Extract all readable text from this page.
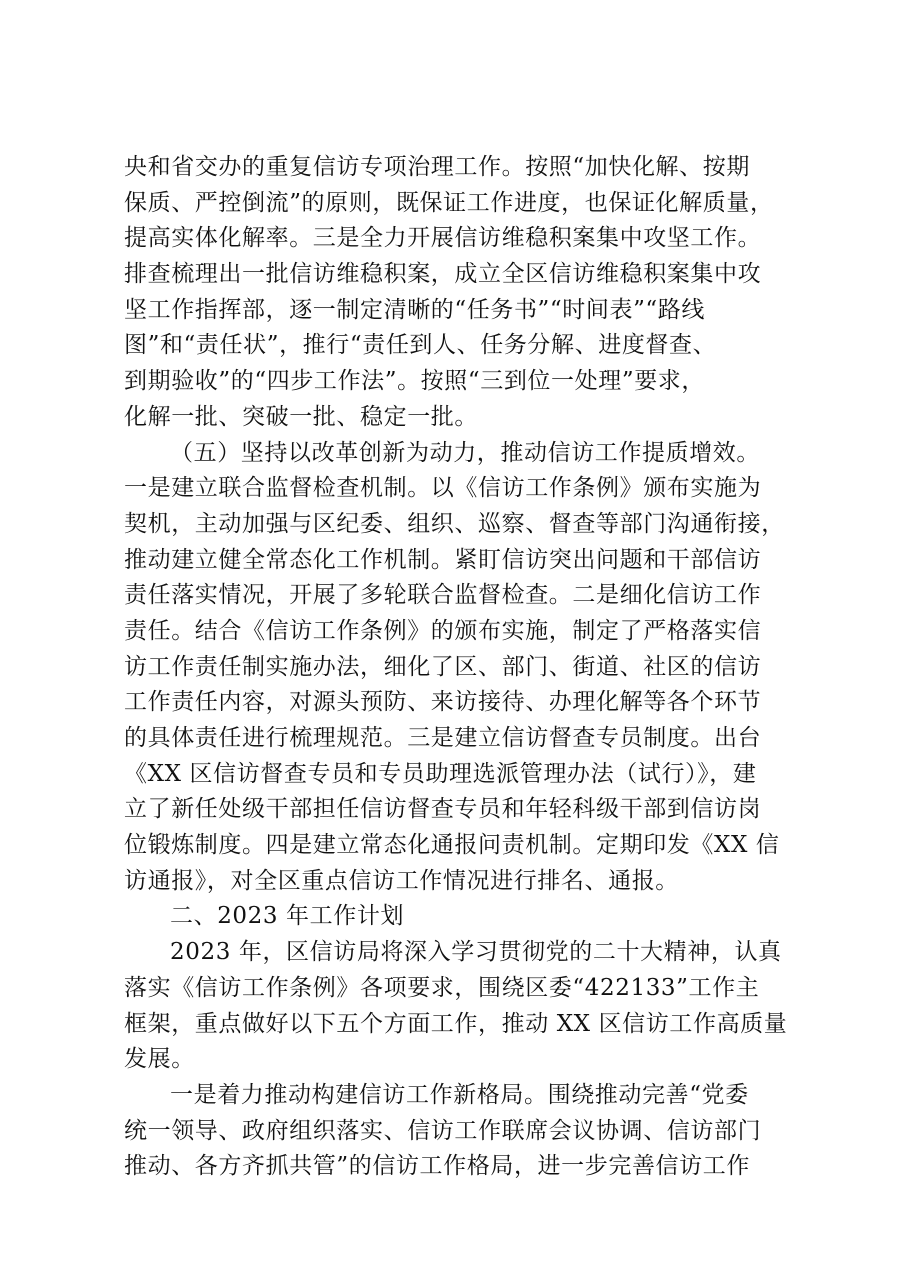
央和省交办的重复信访专项治理工作。按照“加快化解、按期
保质、严控倒流”的原则，既保证工作进度，也保证化解质量，
提高实体化解率。三是全力开展信访维稳积案集中攻坚工作。
排查梳理出一批信访维稳积案，成立全区信访维稳积案集中攻
坚工作指挥部，逐一制定清晰的“任务书”“时间表”“路线
图”和“责任状”，推行“责任到人、任务分解、进度督查、
到期验收”的“四步工作法”。按照“三到位一处理”要求，
化解一批、突破一批、稳定一批。
（五）坚持以改革创新为动力，推动信访工作提质增效。
一是建立联合监督检查机制。以《信访工作条例》颁布实施为
契机，主动加强与区纪委、组织、巡察、督查等部门沟通衔接，
推动建立健全常态化工作机制。紧盯信访突出问题和干部信访
责任落实情况，开展了多轮联合监督检查。二是细化信访工作
责任。结合《信访工作条例》的颁布实施，制定了严格落实信
访工作责任制实施办法，细化了区、部门、街道、社区的信访
工作责任内容，对源头预防、来访接待、办理化解等各个环节
的具体责任进行梳理规范。三是建立信访督查专员制度。出台
《XX 区信访督查专员和专员助理选派管理办法（试行）》，建
立了新任处级干部担任信访督查专员和年轻科级干部到信访岗
位锻炼制度。四是建立常态化通报问责机制。定期印发《XX 信
访通报》，对全区重点信访工作情况进行排名、通报。
二、2023 年工作计划
2023 年，区信访局将深入学习贯彻党的二十大精神，认真
落实《信访工作条例》各项要求，围绕区委“422133”工作主
框架，重点做好以下五个方面工作，推动 XX 区信访工作高质量
发展。
一是着力推动构建信访工作新格局。围绕推动完善“党委
统一领导、政府组织落实、信访工作联席会议协调、信访部门
推动、各方齐抓共管”的信访工作格局，进一步完善信访工作
